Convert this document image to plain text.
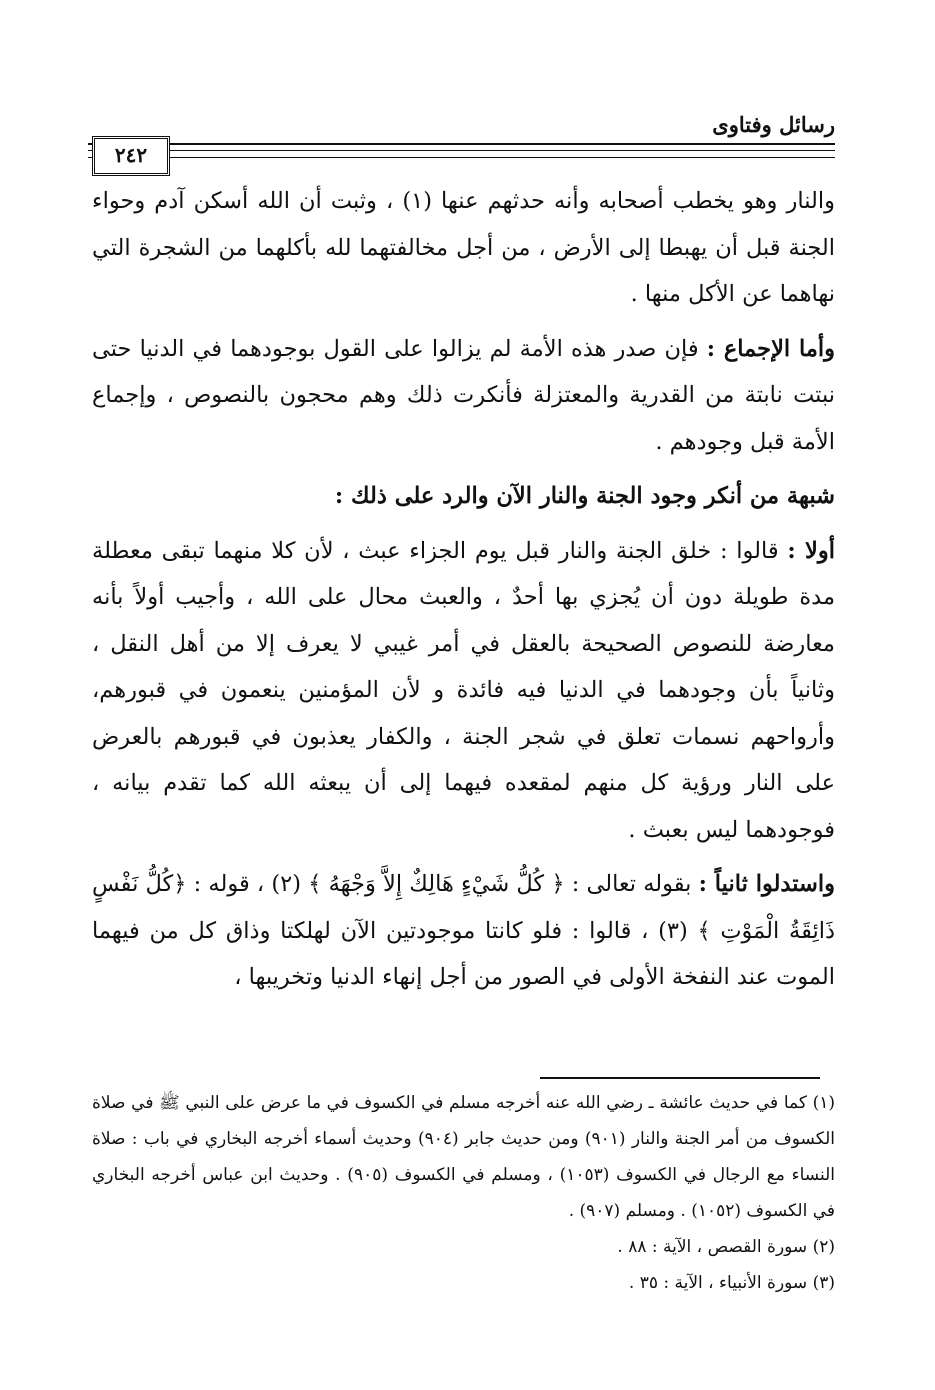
رسائل وفتاوى
٢٤٢

والنار وهو يخطب أصحابه وأنه حدثهم عنها (١) ، وثبت أن الله أسكن آدم وحواء الجنة قبل أن يهبطا إلى الأرض ، من أجل مخالفتهما لله بأكلهما من الشجرة التي نهاهما عن الأكل منها .

وأما الإجماع : فإن صدر هذه الأمة لم يزالوا على القول بوجودهما في الدنيا حتى نبتت نابتة من القدرية والمعتزلة فأنكرت ذلك وهم محجون بالنصوص ، وإجماع الأمة قبل وجودهم .

شبهة من أنكر وجود الجنة والنار الآن والرد على ذلك :

أولا : قالوا : خلق الجنة والنار قبل يوم الجزاء عبث ، لأن كلا منهما تبقى معطلة مدة طويلة دون أن يُجزي بها أحدٌ ، والعبث محال على الله ، وأجيب أولاً بأنه معارضة للنصوص الصحيحة بالعقل في أمر غيبي لا يعرف إلا من أهل النقل ، وثانياً بأن وجودهما في الدنيا فيه فائدة و لأن المؤمنين ينعمون في قبورهم، وأرواحهم نسمات تعلق في شجر الجنة ، والكفار يعذبون في قبورهم بالعرض على النار ورؤية كل منهم لمقعده فيهما إلى أن يبعثه الله كما تقدم بيانه ، فوجودهما ليس بعبث .

واستدلوا ثانياً : بقوله تعالى : ﴿ كُلُّ شَيْءٍ هَالِكٌ إِلاَّ وَجْهَهُ ﴾ (٢) ، قوله : ﴿كُلُّ نَفْسٍ ذَائِقَةُ الْمَوْتِ ﴾ (٣) ، قالوا : فلو كانتا موجودتين الآن لهلكتا وذاق كل من فيهما الموت عند النفخة الأولى في الصور من أجل إنهاء الدنيا وتخريبها ،

(١) كما في حديث عائشة ـ رضي الله عنه أخرجه مسلم في الكسوف في ما عرض على النبي ﷺ في صلاة الكسوف من أمر الجنة والنار (٩٠١) ومن حديث جابر (٩٠٤) وحديث أسماء أخرجه البخاري في باب : صلاة النساء مع الرجال في الكسوف (١٠٥٣) ، ومسلم في الكسوف (٩٠٥) . وحديث ابن عباس أخرجه البخاري في الكسوف (١٠٥٢) . ومسلم (٩٠٧) .

(٢) سورة القصص ، الآية : ٨٨ .

(٣) سورة الأنبياء ، الآية : ٣٥ .
